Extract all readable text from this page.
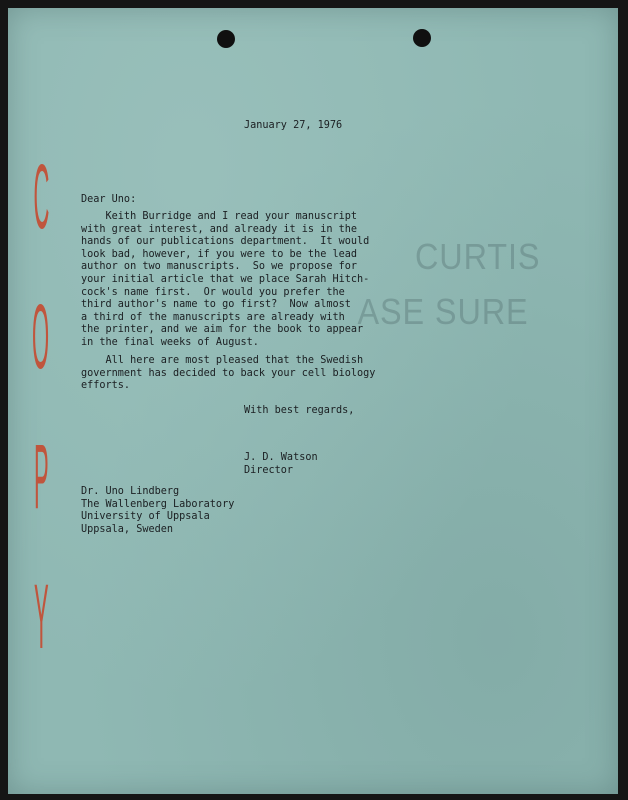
CURTIS
ASE SURE
C
O
P
Y
January 27, 1976
Dear Uno:
Keith Burridge and I read your manuscript
with great interest, and already it is in the
hands of our publications department.  It would
look bad, however, if you were to be the lead
author on two manuscripts.  So we propose for
your initial article that we place Sarah Hitch-
cock's name first.  Or would you prefer the
third author's name to go first?  Now almost
a third of the manuscripts are already with
the printer, and we aim for the book to appear
in the final weeks of August.
All here are most pleased that the Swedish
government has decided to back your cell biology
efforts.
With best regards,
J. D. Watson
Director
Dr. Uno Lindberg
The Wallenberg Laboratory
University of Uppsala
Uppsala, Sweden
